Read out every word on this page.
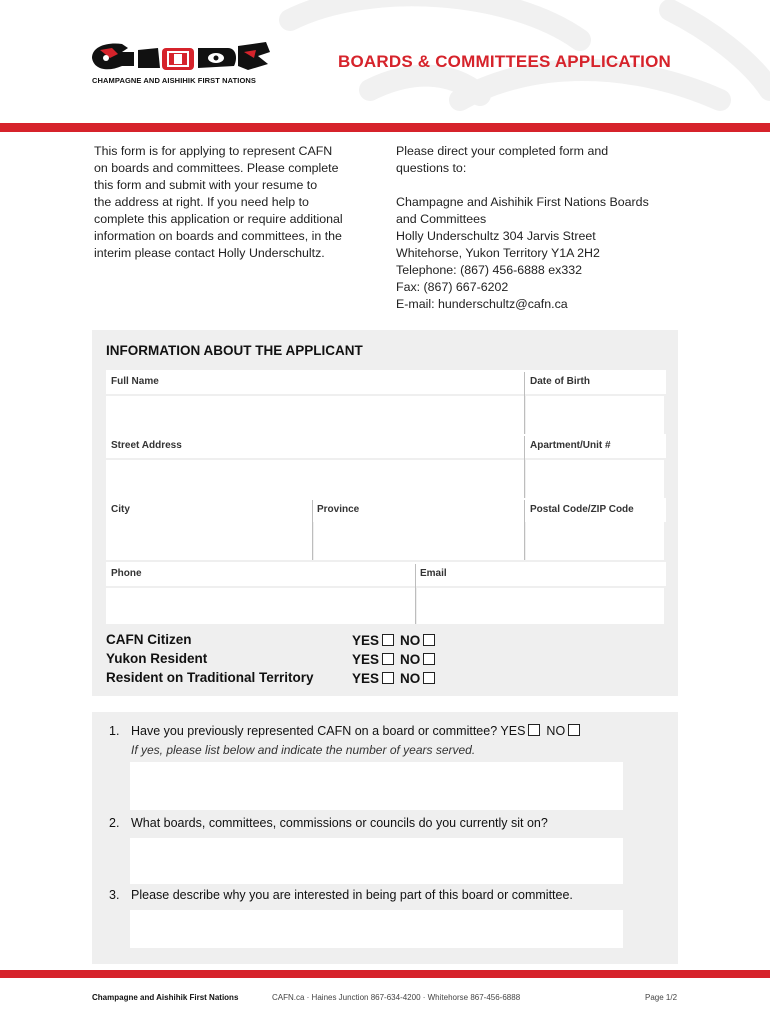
CHAMPAGNE AND AISHIHIK FIRST NATIONS
BOARDS & COMMITTEES APPLICATION
This form is for applying to represent CAFN
on boards and committees. Please complete
this form and submit with your resume to
the address at right. If you need help to
complete this application or require additional
information on boards and committees, in the
interim please contact Holly Underschultz.

Please direct your completed form and
questions to:

Champagne and Aishihik First Nations Boards
and Committees
Holly Underschultz 304 Jarvis Street
Whitehorse, Yukon Territory Y1A 2H2
Telephone: (867) 456-6888 ex332
Fax: (867) 667-6202
E-mail: hunderschultz@cafn.ca

INFORMATION ABOUT THE APPLICANT
Full Name	Date of Birth
Street Address	Apartment/Unit #
City	Province	Postal Code/ZIP Code
Phone	Email
CAFN Citizen	YES NO
Yukon Resident	YES NO
Resident on Traditional Territory	YES NO
1. Have you previously represented CAFN on a board or committee? YES NO
If yes, please list below and indicate the number of years served.
2. What boards, committees, commissions or councils do you currently sit on?
3. Please describe why you are interested in being part of this board or committee.
Champagne and Aishihik First Nations	CAFN.ca · Haines Junction 867-634-4200 · Whitehorse 867-456-6888	Page 1/2
